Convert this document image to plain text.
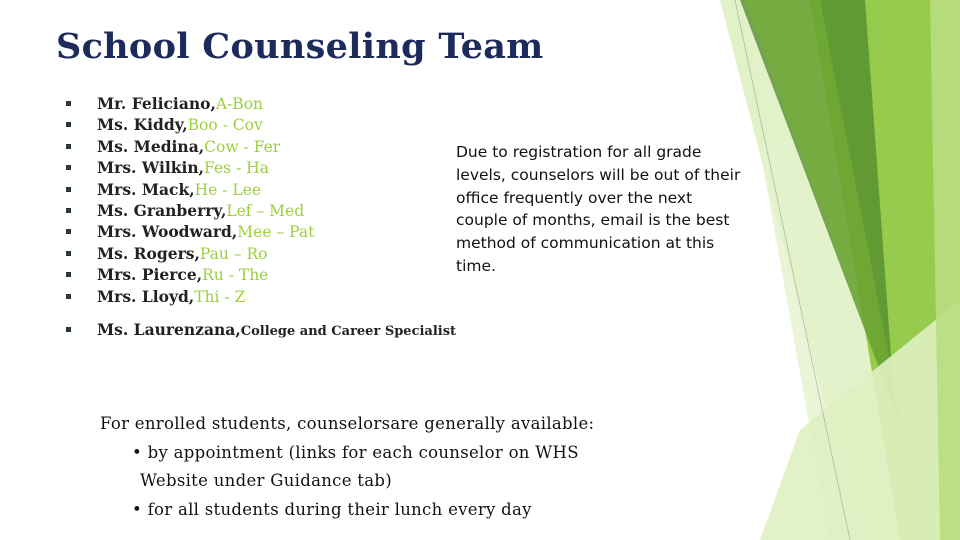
School Counseling Team
Mr. Feliciano,A-Bon
Ms. Kiddy,Boo - Cov
Ms. Medina,Cow - Fer
Mrs. Wilkin,Fes - Ha
Mrs. Mack,He - Lee
Ms. Granberry,Lef – Med
Mrs. Woodward,Mee – Pat
Ms. Rogers,Pau – Ro
Mrs. Pierce,Ru - The
Mrs. Lloyd,Thi - Z
Ms. Laurenzana,College and Career Specialist
Due to registration for all grade levels, counselors will be out of their office frequently over the next couple of months, email is the best method of communication at this time.
For enrolled students, counselorsare generally available:
• by appointment (links for each counselor on WHS
Website under Guidance tab)
• for all students during their lunch every day
